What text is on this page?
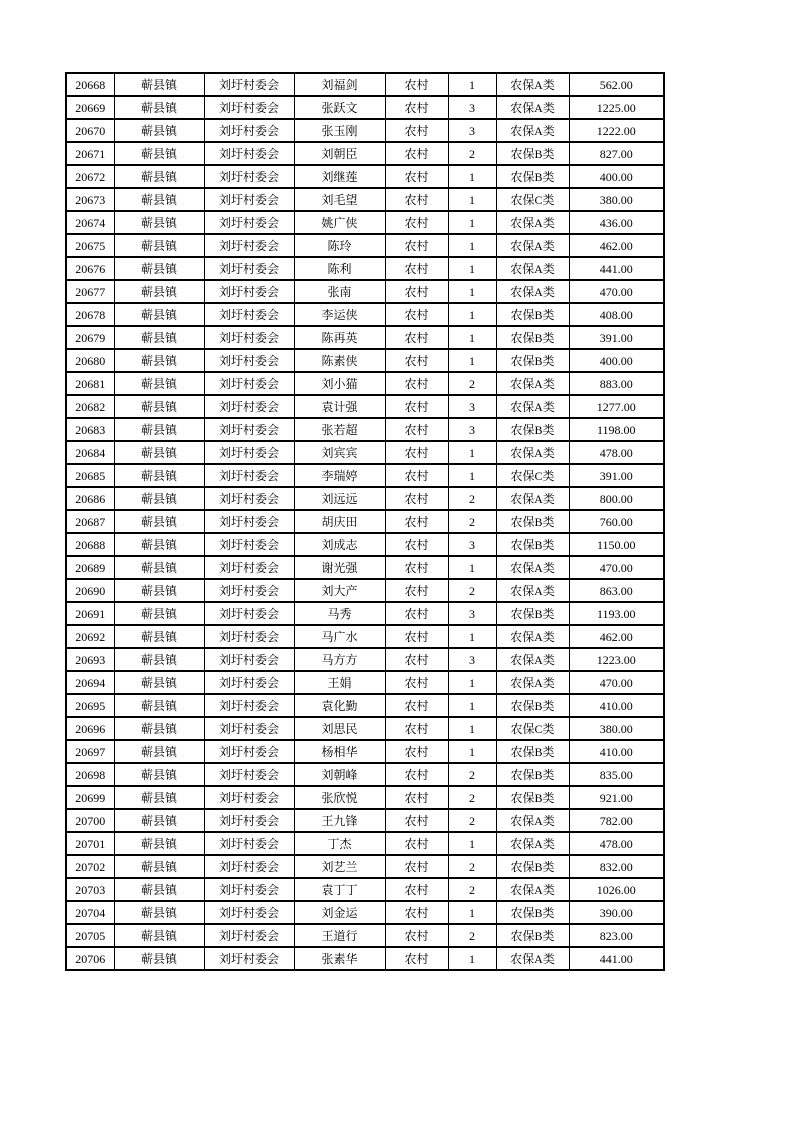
20668	蕲县镇	刘圩村委会	刘福剑	农村	1	农保A类	562.00
20669	蕲县镇	刘圩村委会	张跃文	农村	3	农保A类	1225.00
20670	蕲县镇	刘圩村委会	张玉刚	农村	3	农保A类	1222.00
20671	蕲县镇	刘圩村委会	刘朝臣	农村	2	农保B类	827.00
20672	蕲县镇	刘圩村委会	刘继莲	农村	1	农保B类	400.00
20673	蕲县镇	刘圩村委会	刘毛望	农村	1	农保C类	380.00
20674	蕲县镇	刘圩村委会	姚广侠	农村	1	农保A类	436.00
20675	蕲县镇	刘圩村委会	陈玲	农村	1	农保A类	462.00
20676	蕲县镇	刘圩村委会	陈利	农村	1	农保A类	441.00
20677	蕲县镇	刘圩村委会	张南	农村	1	农保A类	470.00
20678	蕲县镇	刘圩村委会	李运侠	农村	1	农保B类	408.00
20679	蕲县镇	刘圩村委会	陈再英	农村	1	农保B类	391.00
20680	蕲县镇	刘圩村委会	陈素侠	农村	1	农保B类	400.00
20681	蕲县镇	刘圩村委会	刘小猫	农村	2	农保A类	883.00
20682	蕲县镇	刘圩村委会	袁计强	农村	3	农保A类	1277.00
20683	蕲县镇	刘圩村委会	张若超	农村	3	农保B类	1198.00
20684	蕲县镇	刘圩村委会	刘宾宾	农村	1	农保A类	478.00
20685	蕲县镇	刘圩村委会	李瑞婷	农村	1	农保C类	391.00
20686	蕲县镇	刘圩村委会	刘远远	农村	2	农保A类	800.00
20687	蕲县镇	刘圩村委会	胡庆田	农村	2	农保B类	760.00
20688	蕲县镇	刘圩村委会	刘成志	农村	3	农保B类	1150.00
20689	蕲县镇	刘圩村委会	谢光强	农村	1	农保A类	470.00
20690	蕲县镇	刘圩村委会	刘大产	农村	2	农保A类	863.00
20691	蕲县镇	刘圩村委会	马秀	农村	3	农保B类	1193.00
20692	蕲县镇	刘圩村委会	马广水	农村	1	农保A类	462.00
20693	蕲县镇	刘圩村委会	马方方	农村	3	农保A类	1223.00
20694	蕲县镇	刘圩村委会	王娟	农村	1	农保A类	470.00
20695	蕲县镇	刘圩村委会	袁化勤	农村	1	农保B类	410.00
20696	蕲县镇	刘圩村委会	刘思民	农村	1	农保C类	380.00
20697	蕲县镇	刘圩村委会	杨相华	农村	1	农保B类	410.00
20698	蕲县镇	刘圩村委会	刘朝峰	农村	2	农保B类	835.00
20699	蕲县镇	刘圩村委会	张欣悦	农村	2	农保B类	921.00
20700	蕲县镇	刘圩村委会	王九锋	农村	2	农保A类	782.00
20701	蕲县镇	刘圩村委会	丁杰	农村	1	农保A类	478.00
20702	蕲县镇	刘圩村委会	刘艺兰	农村	2	农保B类	832.00
20703	蕲县镇	刘圩村委会	袁丁丁	农村	2	农保A类	1026.00
20704	蕲县镇	刘圩村委会	刘金运	农村	1	农保B类	390.00
20705	蕲县镇	刘圩村委会	王道行	农村	2	农保B类	823.00
20706	蕲县镇	刘圩村委会	张素华	农村	1	农保A类	441.00
